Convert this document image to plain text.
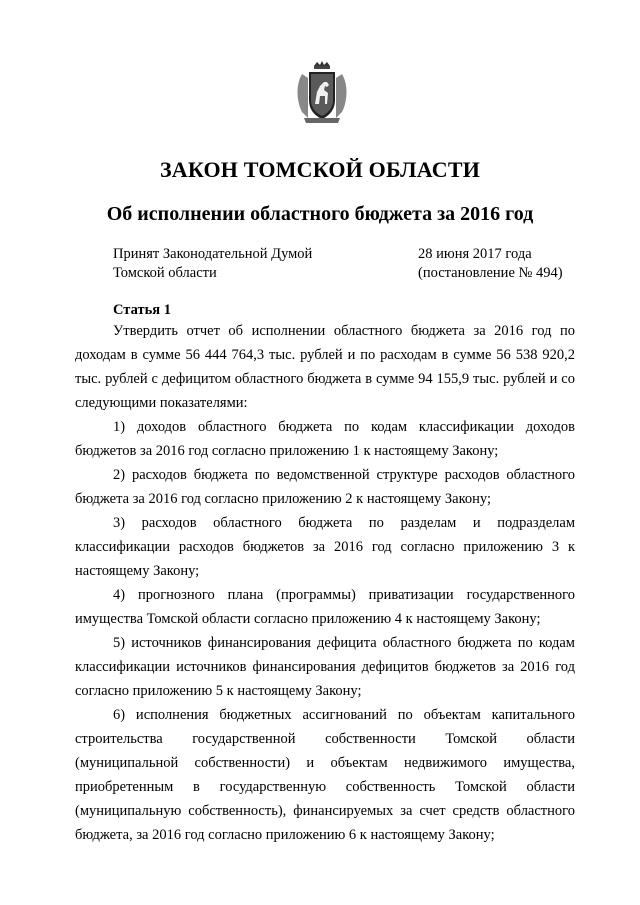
ЗАКОН ТОМСКОЙ ОБЛАСТИ
Об исполнении областного бюджета за 2016 год
Принят Законодательной Думой
Томской области
28 июня 2017 года
(постановление № 494)
Статья 1

Утвердить отчет об исполнении областного бюджета за 2016 год по доходам в сумме 56 444 764,3 тыс. рублей и по расходам в сумме 56 538 920,2 тыс. рублей с дефицитом областного бюджета в сумме 94 155,9 тыс. рублей и со следующими показателями:

1) доходов областного бюджета по кодам классификации доходов бюджетов за 2016 год согласно приложению 1 к настоящему Закону;

2) расходов бюджета по ведомственной структуре расходов областного бюджета за 2016 год согласно приложению 2 к настоящему Закону;

3) расходов областного бюджета по разделам и подразделам классификации расходов бюджетов за 2016 год согласно приложению 3 к настоящему Закону;

4) прогнозного плана (программы) приватизации государственного имущества Томской области согласно приложению 4 к настоящему Закону;

5) источников финансирования дефицита областного бюджета по кодам классификации источников финансирования дефицитов бюджетов за 2016 год согласно приложению 5 к настоящему Закону;

6) исполнения бюджетных ассигнований по объектам капитального строительства государственной собственности Томской области (муниципальной собственности) и объектам недвижимого имущества, приобретенным в государственную собственность Томской области (муниципальную собственность), финансируемых за счет средств областного бюджета, за 2016 год согласно приложению 6 к настоящему Закону;
